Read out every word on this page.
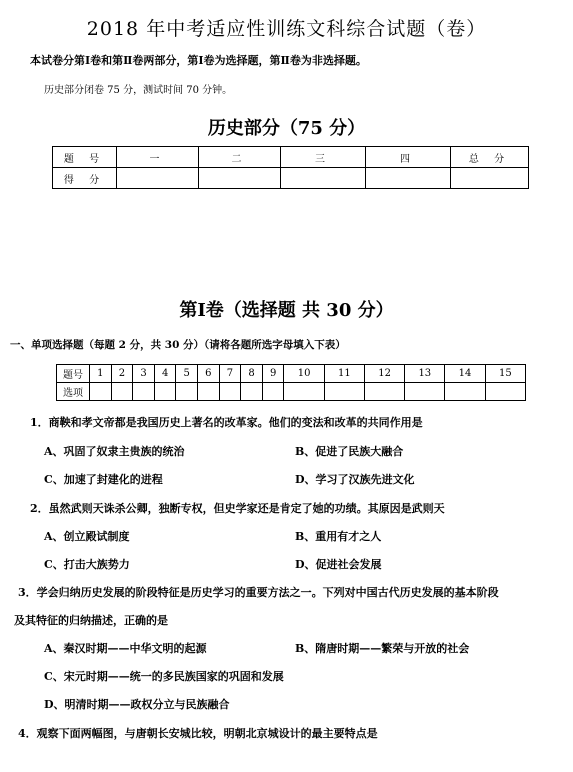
2018 年中考适应性训练文科综合试题（卷）
本试卷分第Ⅰ卷和第Ⅱ卷两部分，第Ⅰ卷为选择题，第Ⅱ卷为非选择题。
历史部分闭卷 75 分，测试时间 70 分钟。
历史部分（75 分）
题 号	一	二	三	四	总 分
得 分					
第Ⅰ卷（选择题 共 30 分）
一、单项选择题（每题 2 分，共 30 分）（请将各题所选字母填入下表）
题号	1	2	3	4	5	6	7	8	9	10	11	12	13	14	15
选项															
1．商鞅和孝文帝都是我国历史上著名的改革家。他们的变法和改革的共同作用是
A、巩固了奴隶主贵族的统治	B、促进了民族大融合
C、加速了封建化的进程	D、学习了汉族先进文化
2．虽然武则天诛杀公卿，独断专权，但史学家还是肯定了她的功绩。其原因是武则天
A、创立殿试制度	B、重用有才之人
C、打击大族势力	D、促进社会发展
3．学会归纳历史发展的阶段特征是历史学习的重要方法之一。下列对中国古代历史发展的基本阶段
及其特征的归纳描述，正确的是
A、秦汉时期——中华文明的起源	B、隋唐时期——繁荣与开放的社会
C、宋元时期——统一的多民族国家的巩固和发展
D、明清时期——政权分立与民族融合
4．观察下面两幅图，与唐朝长安城比较，明朝北京城设计的最主要特点是
